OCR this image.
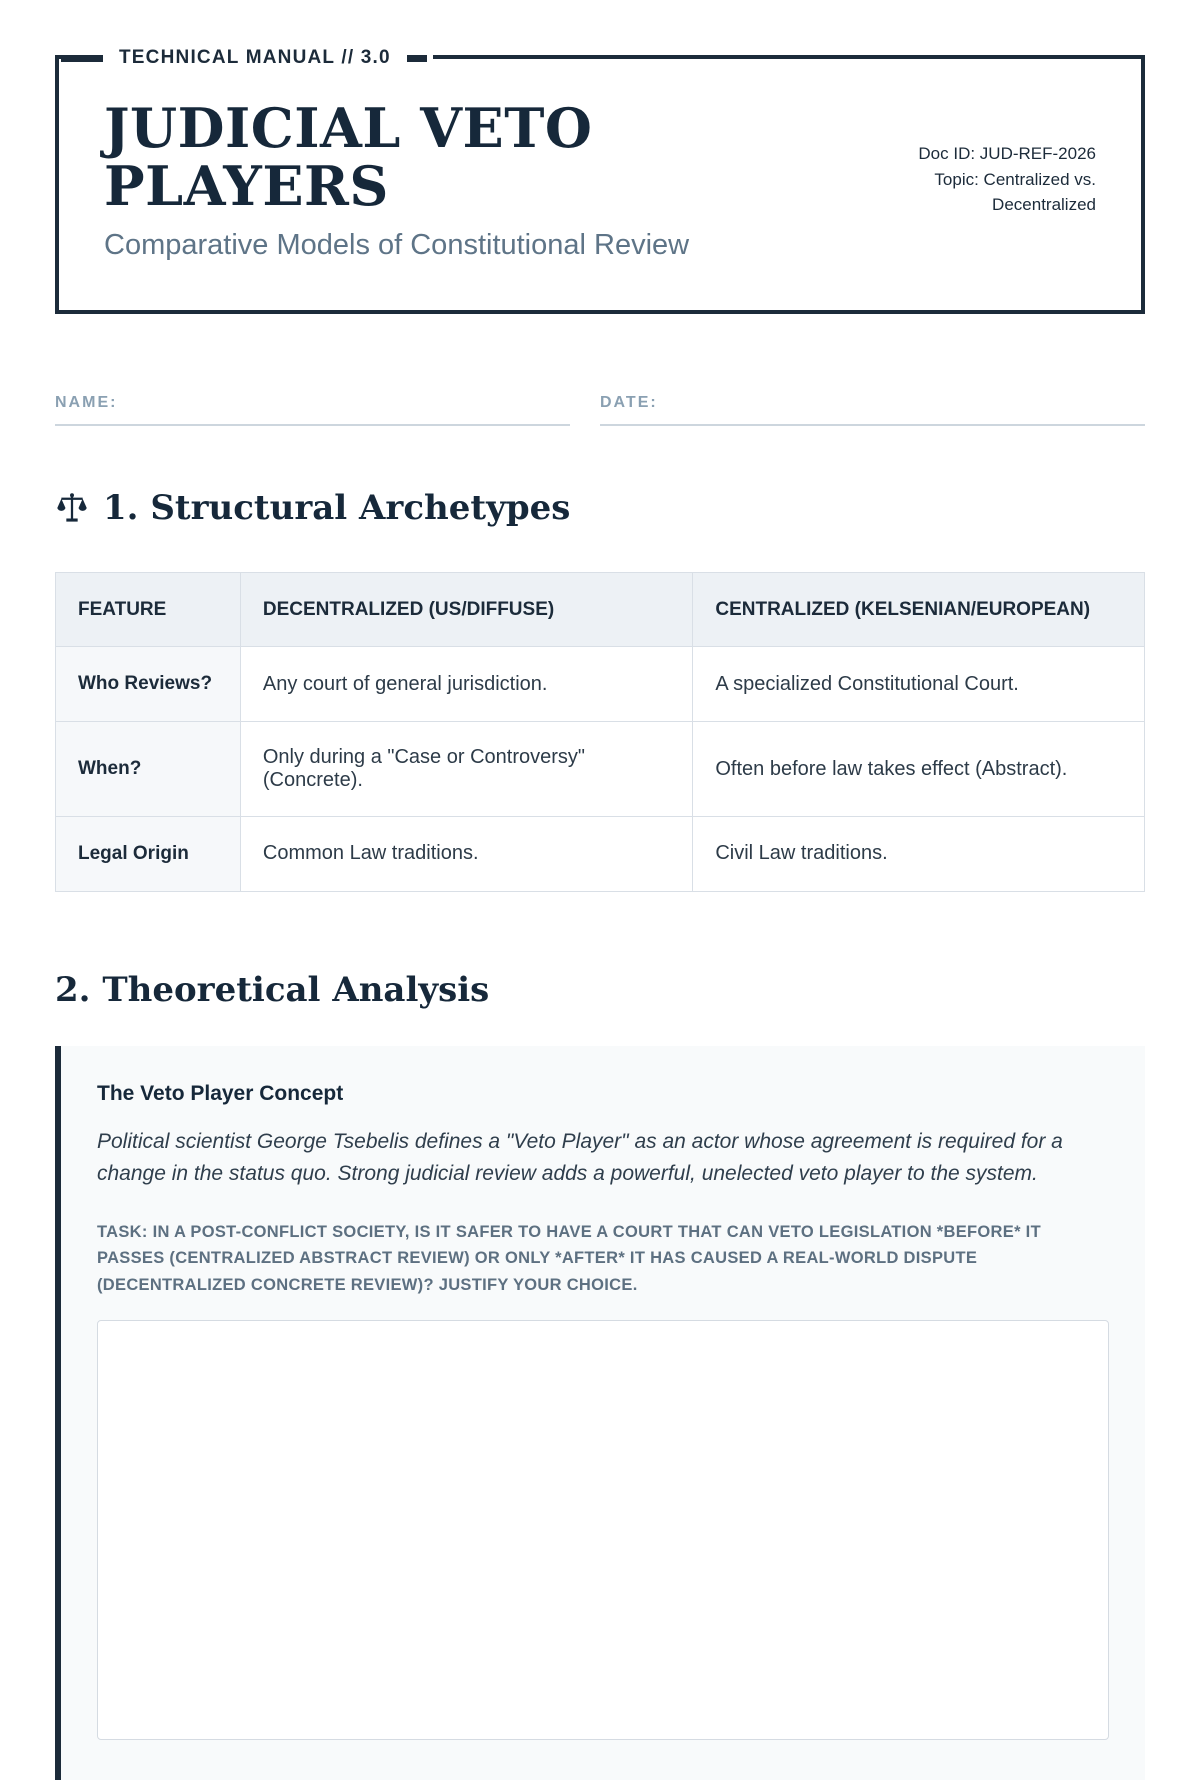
TECHNICAL MANUAL // 3.0
JUDICIAL VETO PLAYERS
Comparative Models of Constitutional Review
Doc ID: JUD-REF-2026
Topic: Centralized vs. Decentralized
NAME:	DATE:
1. Structural Archetypes
FEATURE	DECENTRALIZED (US/DIFFUSE)	CENTRALIZED (KELSENIAN/EUROPEAN)
Who Reviews?	Any court of general jurisdiction.	A specialized Constitutional Court.
When?	Only during a "Case or Controversy" (Concrete).	Often before law takes effect (Abstract).
Legal Origin	Common Law traditions.	Civil Law traditions.
2. Theoretical Analysis
The Veto Player Concept
Political scientist George Tsebelis defines a "Veto Player" as an actor whose agreement is required for a change in the status quo. Strong judicial review adds a powerful, unelected veto player to the system.
TASK: IN A POST-CONFLICT SOCIETY, IS IT SAFER TO HAVE A COURT THAT CAN VETO LEGISLATION *BEFORE* IT PASSES (CENTRALIZED ABSTRACT REVIEW) OR ONLY *AFTER* IT HAS CAUSED A REAL-WORLD DISPUTE (DECENTRALIZED CONCRETE REVIEW)? JUSTIFY YOUR CHOICE.
